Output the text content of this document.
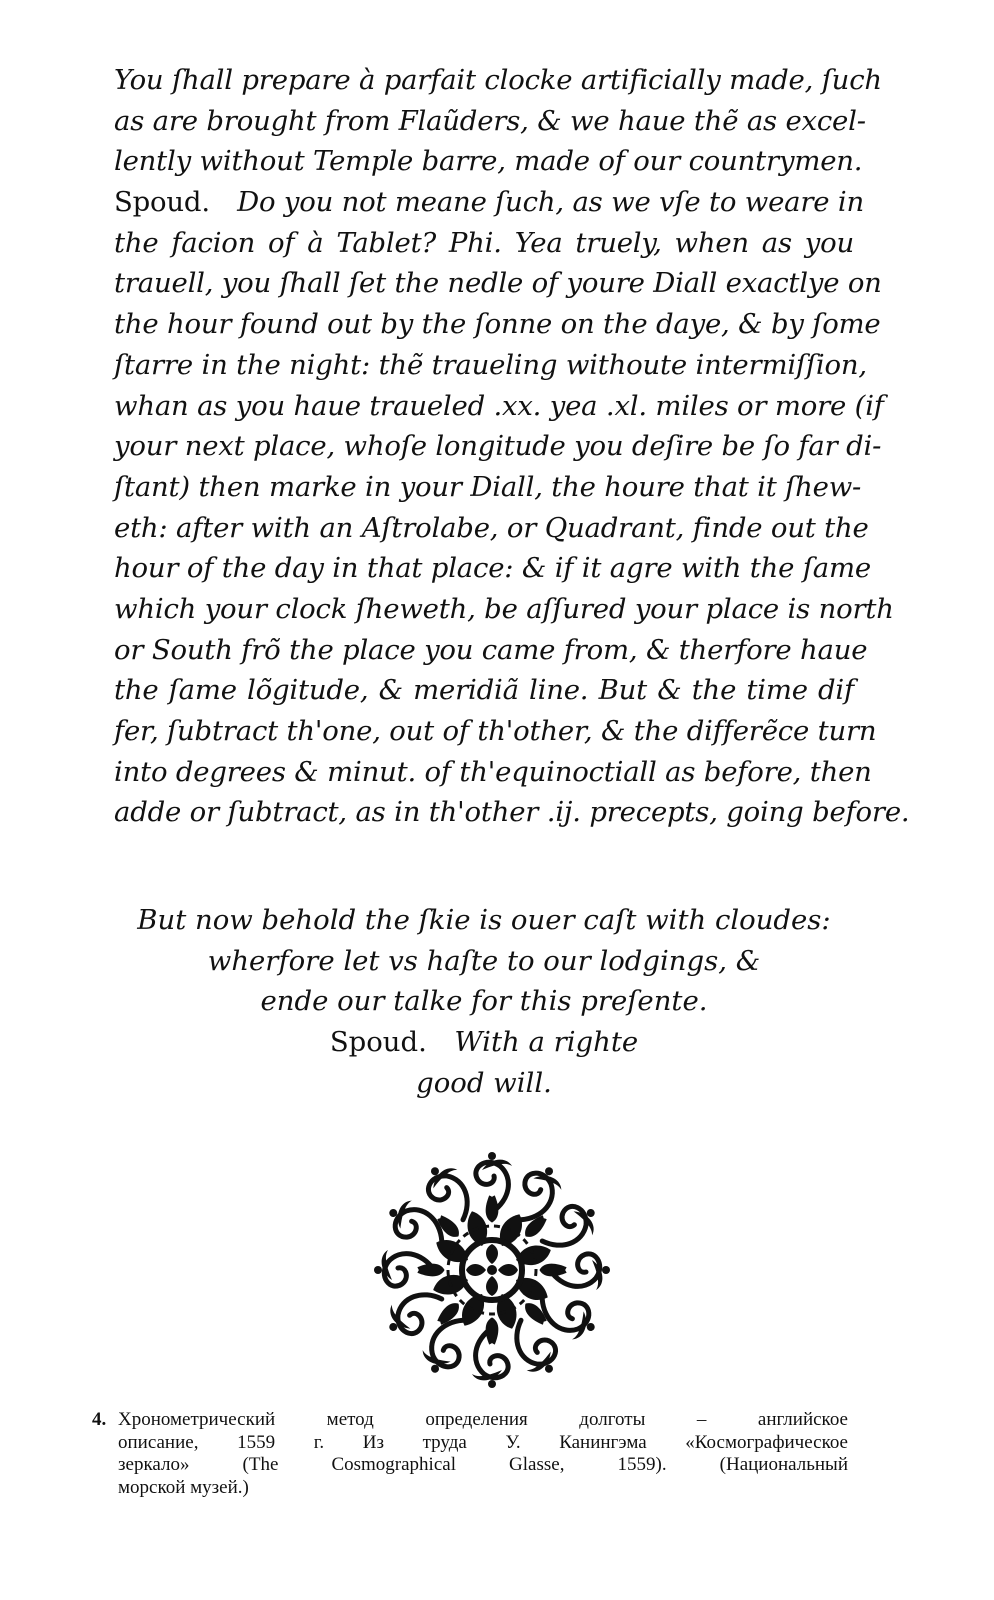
You ſhall prepare à parfait clocke artificially made, ſuch
as are brought from Flaũders, & we haue thẽ as excel-
lently without Temple barre, made of our countrymen.
Spoud. Do you not meane ſuch, as we vſe to weare in
the facion of à Tablet? Phi. Yea truely, when as you
trauell, you ſhall ſet the nedle of youre Diall exactlye on
the hour found out by the ſonne on the daye, & by ſome
ſtarre in the night: thẽ traueling withoute intermiſſion,
whan as you haue traueled .xx. yea .xl. miles or more (if
your next place, whoſe longitude you deſire be ſo far di-
ſtant) then marke in your Diall, the houre that it ſhew-
eth: after with an Aſtrolabe, or Quadrant, finde out the
hour of the day in that place: & if it agre with the ſame
which your clock ſheweth, be aſſured your place is north
or South frõ the place you came from, & therfore haue
the ſame lõgitude, & meridiã line. But & the time dif
fer, ſubtract th'one, out of th'other, & the differẽce turn
into degrees & minut. of th'equinoctiall as before, then
adde or ſubtract, as in th'other .ij. precepts, going before.
But now behold the ſkie is ouer caſt with cloudes:
wherfore let vs haſte to our lodgings, &
ende our talke for this preſente.
Spoud. With a righte
good will.
4. Хронометрический метод определения долготы – английское
описание, 1559 г. Из труда У. Канингэма «Космографическое
зеркало» (The Cosmographical Glasse, 1559). (Национальный
морской музей.)
